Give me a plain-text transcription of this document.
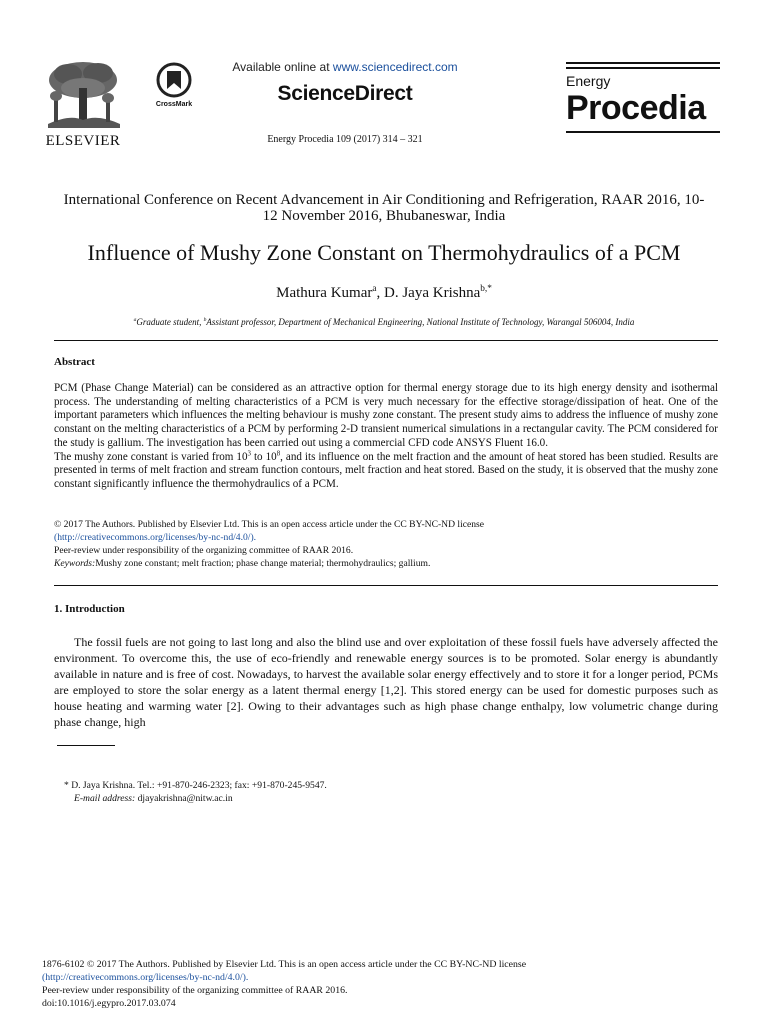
ELSEVIER
CrossMark
Available online at www.sciencedirect.com
ScienceDirect
Energy Procedia 109 (2017) 314 – 321
Energy
Procedia
International Conference on Recent Advancement in Air Conditioning and Refrigeration, RAAR 2016, 10-12 November 2016, Bhubaneswar, India
Influence of Mushy Zone Constant on Thermohydraulics of a PCM
Mathura Kumar$^a$, D. Jaya Krishna$^{b,*}$
$^a$Graduate student, $^b$Assistant professor, Department of Mechanical Engineering, National Institute of Technology, Warangal 506004, India
Abstract

PCM (Phase Change Material) can be considered as an attractive option for thermal energy storage due to its high energy density and isothermal process. The understanding of melting characteristics of a PCM is very much necessary for the effective storage/dissipation of heat. One of the important parameters which influences the melting behaviour is mushy zone constant. The present study aims to address the influence of mushy zone constant on the melting characteristics of a PCM by performing 2-D transient numerical simulations in a rectangular cavity. The PCM considered for the study is gallium. The investigation has been carried out using a commercial CFD code ANSYS Fluent 16.0.

The mushy zone constant is varied from $10^3$ to $10^8$, and its influence on the melt fraction and the amount of heat stored has been studied. Results are presented in terms of melt fraction and stream function contours, melt fraction and heat stored. Based on the study, it is observed that the mushy zone constant significantly influence the thermohydraulics of a PCM.

© 2017 The Authors. Published by Elsevier Ltd. This is an open access article under the CC BY-NC-ND license

(http://creativecommons.org/licenses/by-nc-nd/4.0/).

Peer-review under responsibility of the organizing committee of RAAR 2016.

Keywords:Mushy zone constant; melt fraction; phase change material; thermohydraulics; gallium.

1. Introduction
The fossil fuels are not going to last long and also the blind use and over exploitation of these fossil fuels have adversely affected the environment. To overcome this, the use of eco-friendly and renewable energy sources is to be promoted. Solar energy is abundantly available in nature and is free of cost. Nowadays, to harvest the available solar energy effectively and to store it for a longer period, PCMs are employed to store the solar energy as a latent thermal energy [1,2]. This stored energy can be used for domestic purposes such as house heating and warming water [2]. Owing to their advantages such as high phase change enthalpy, low volumetric change during phase change, high

* D. Jaya Krishna. Tel.: +91-870-246-2323; fax: +91-870-245-9547.

E-mail address: djayakrishna@nitw.ac.in

1876-6102 © 2017 The Authors. Published by Elsevier Ltd. This is an open access article under the CC BY-NC-ND license

(http://creativecommons.org/licenses/by-nc-nd/4.0/).

Peer-review under responsibility of the organizing committee of RAAR 2016.

doi:10.1016/j.egypro.2017.03.074
